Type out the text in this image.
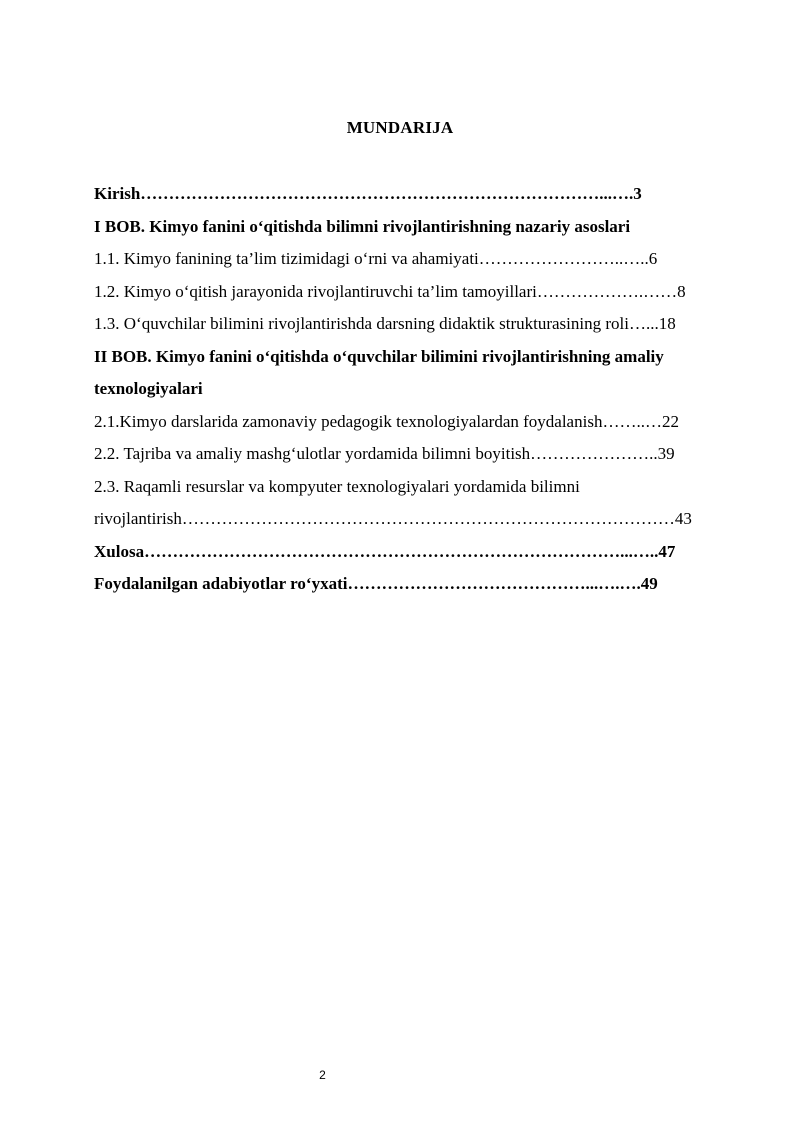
MUNDARIJA
Kirish………………………………………………………………………...….3
I BOB. Kimyo fanini o‘qitishda bilimni rivojlantirishning nazariy asoslari
1.1. Kimyo fanining ta’lim tizimidagi o‘rni va ahamiyati……………………..…..6
1.2. Kimyo o‘qitish jarayonida rivojlantiruvchi ta’lim tamoyillari……………….……8
1.3. O‘quvchilar bilimini rivojlantirishda darsning didaktik strukturasining roli…...18
II BOB. Kimyo fanini o‘qitishda o‘quvchilar bilimini rivojlantirishning amaliy
texnologiyalari
2.1.Kimyo darslarida zamonaviy pedagogik texnologiyalardan foydalanish……..…22
2.2. Tajriba va amaliy mashg‘ulotlar yordamida bilimni boyitish…………………..39
2.3. Raqamli resurslar va kompyuter texnologiyalari yordamida bilimni
rivojlantirish……………………………………………………………………………43
Xulosa…………………………………………………………………………...…..47
Foydalanilgan adabiyotlar ro‘yxati……………………………………...….….49
2
